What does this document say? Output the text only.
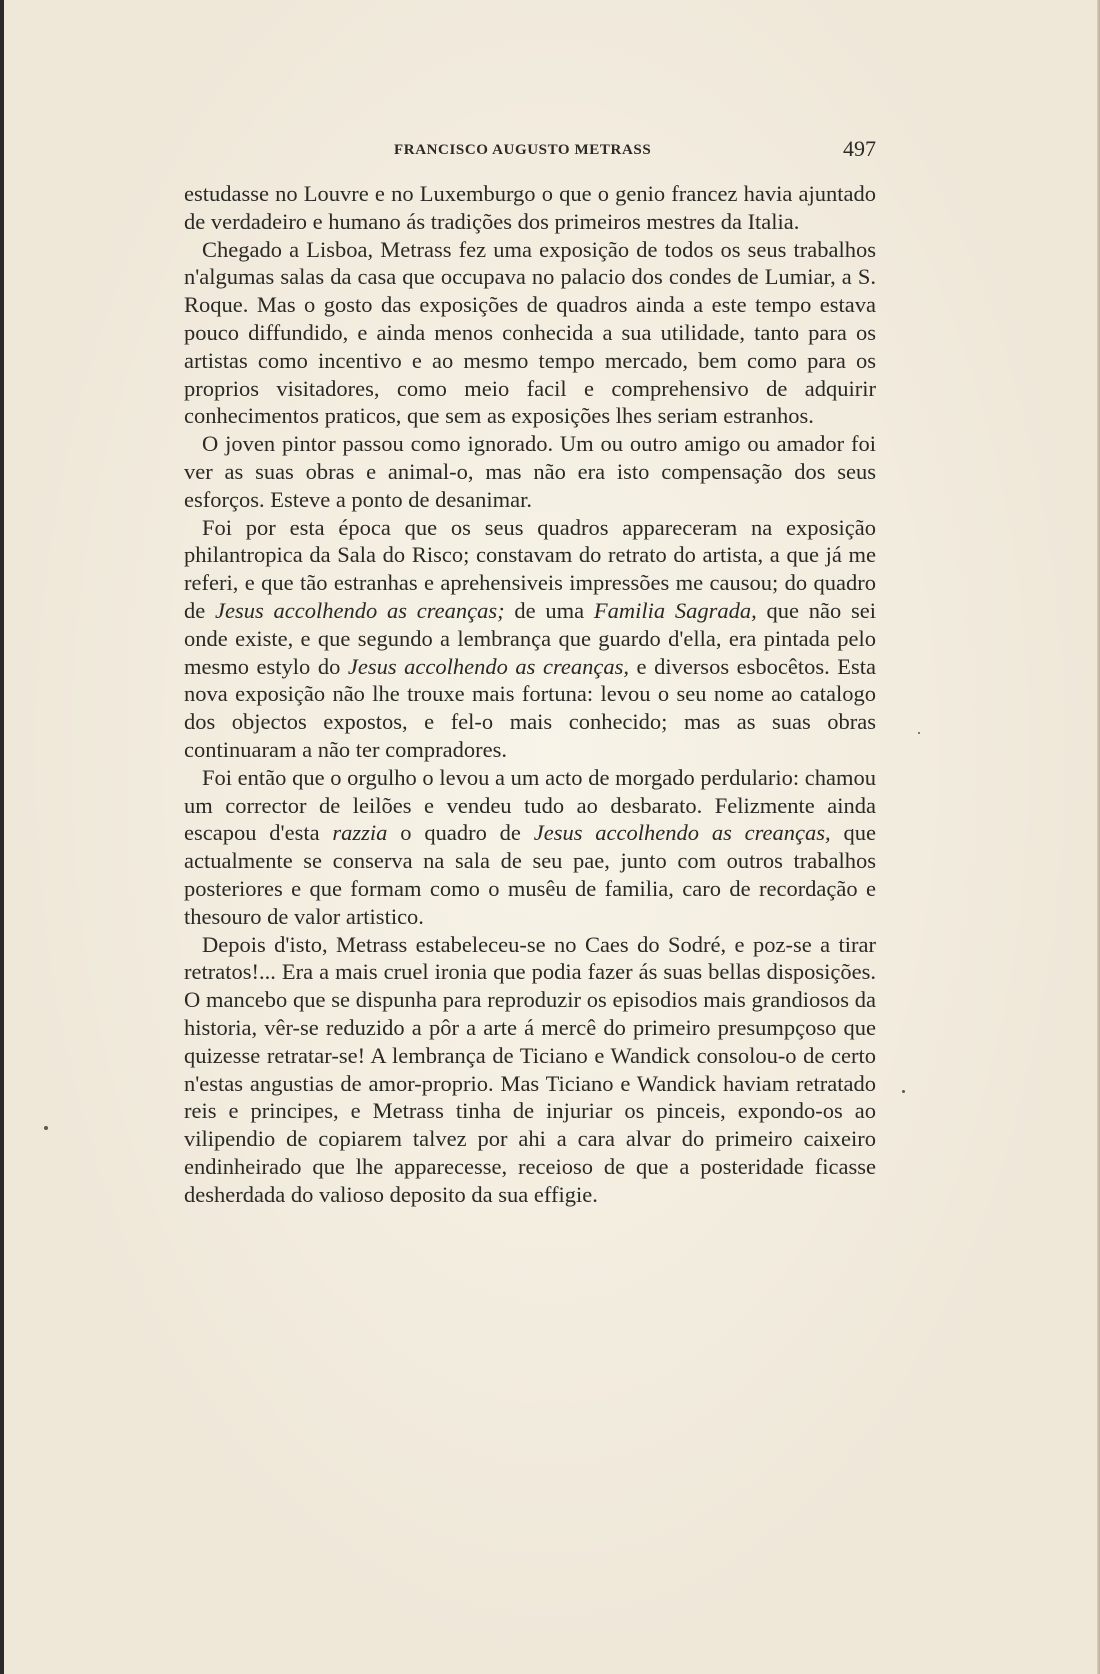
FRANCISCO AUGUSTO METRASS	497

estudasse no Louvre e no Luxemburgo o que o genio francez havia ajuntado de verdadeiro e humano ás tradições dos primeiros mestres da Italia.

Chegado a Lisboa, Metrass fez uma exposição de todos os seus trabalhos n'algumas salas da casa que occupava no palacio dos condes de Lumiar, a S. Roque. Mas o gosto das exposições de quadros ainda a este tempo estava pouco diffundido, e ainda menos conhecida a sua utilidade, tanto para os artistas como incentivo e ao mesmo tempo mercado, bem como para os proprios visitadores, como meio facil e comprehensivo de adquirir conhecimentos praticos, que sem as exposições lhes seriam estranhos.

O joven pintor passou como ignorado. Um ou outro amigo ou amador foi ver as suas obras e animal-o, mas não era isto compensação dos seus esforços. Esteve a ponto de desanimar.

Foi por esta época que os seus quadros appareceram na exposição philantropica da Sala do Risco; constavam do retrato do artista, a que já me referi, e que tão estranhas e aprehensiveis impressões me causou; do quadro de Jesus accolhendo as creanças; de uma Familia Sagrada, que não sei onde existe, e que segundo a lembrança que guardo d'ella, era pintada pelo mesmo estylo do Jesus accolhendo as creanças, e diversos esbocêtos. Esta nova exposição não lhe trouxe mais fortuna: levou o seu nome ao catalogo dos objectos expostos, e fel-o mais conhecido; mas as suas obras continuaram a não ter compradores.

Foi então que o orgulho o levou a um acto de morgado perdulario: chamou um corrector de leilões e vendeu tudo ao desbarato. Felizmente ainda escapou d'esta razzia o quadro de Jesus accolhendo as creanças, que actualmente se conserva na sala de seu pae, junto com outros trabalhos posteriores e que formam como o musêu de familia, caro de recordação e thesouro de valor artistico.

Depois d'isto, Metrass estabeleceu-se no Caes do Sodré, e poz-se a tirar retratos!... Era a mais cruel ironia que podia fazer ás suas bellas disposições. O mancebo que se dispunha para reproduzir os episodios mais grandiosos da historia, vêr-se reduzido a pôr a arte á mercê do primeiro presumpçoso que quizesse retratar-se! A lembrança de Ticiano e Wandick consolou-o de certo n'estas angustias de amor-proprio. Mas Ticiano e Wandick haviam retratado reis e principes, e Metrass tinha de injuriar os pinceis, expondo-os ao vilipendio de copiarem talvez por ahi a cara alvar do primeiro caixeiro endinheirado que lhe apparecesse, receioso de que a posteridade ficasse desherdada do valioso deposito da sua effigie.
